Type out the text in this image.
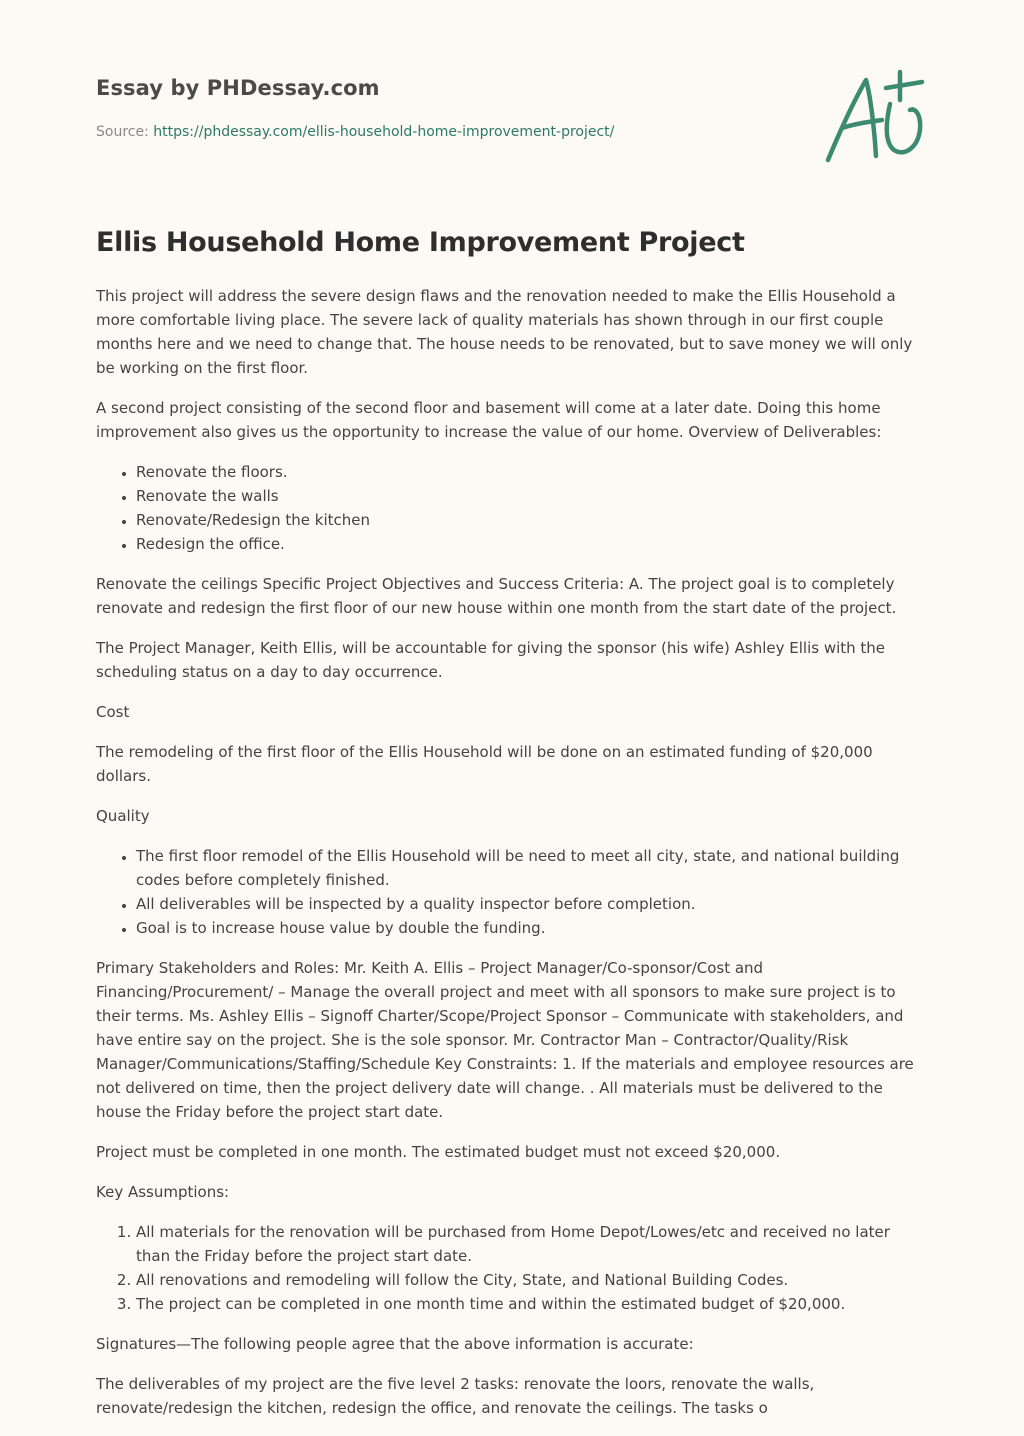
Essay by PHDessay.com
Source: https://phdessay.com/ellis-household-home-improvement-project/
Ellis Household Home Improvement Project

This project will address the severe design flaws and the renovation needed to make the Ellis Household a more comfortable living place. The severe lack of quality materials has shown through in our first couple months here and we need to change that. The house needs to be renovated, but to save money we will only be working on the first floor.

A second project consisting of the second floor and basement will come at a later date. Doing this home improvement also gives us the opportunity to increase the value of our home. Overview of Deliverables:

• Renovate the floors.
• Renovate the walls
• Renovate/Redesign the kitchen
• Redesign the office.

Renovate the ceilings Specific Project Objectives and Success Criteria: A. The project goal is to completely renovate and redesign the first floor of our new house within one month from the start date of the project.

The Project Manager, Keith Ellis, will be accountable for giving the sponsor (his wife) Ashley Ellis with the scheduling status on a day to day occurrence.

Cost

The remodeling of the first floor of the Ellis Household will be done on an estimated funding of $20,000 dollars.

Quality

• The first floor remodel of the Ellis Household will be need to meet all city, state, and national building codes before completely finished.
• All deliverables will be inspected by a quality inspector before completion.
• Goal is to increase house value by double the funding.

Primary Stakeholders and Roles: Mr. Keith A. Ellis – Project Manager/Co-sponsor/Cost and Financing/Procurement/ – Manage the overall project and meet with all sponsors to make sure project is to their terms. Ms. Ashley Ellis – Signoff Charter/Scope/Project Sponsor – Communicate with stakeholders, and have entire say on the project. She is the sole sponsor. Mr. Contractor Man – Contractor/Quality/Risk Manager/Communications/Staffing/Schedule Key Constraints: 1. If the materials and employee resources are not delivered on time, then the project delivery date will change. . All materials must be delivered to the house the Friday before the project start date.

Project must be completed in one month. The estimated budget must not exceed $20,000.

Key Assumptions:

1. All materials for the renovation will be purchased from Home Depot/Lowes/etc and received no later than the Friday before the project start date.
2. All renovations and remodeling will follow the City, State, and National Building Codes.
3. The project can be completed in one month time and within the estimated budget of $20,000.

Signatures—The following people agree that the above information is accurate:

The deliverables of my project are the five level 2 tasks: renovate the loors, renovate the walls, renovate/redesign the kitchen, redesign the office, and renovate the ceilings. The tasks o
